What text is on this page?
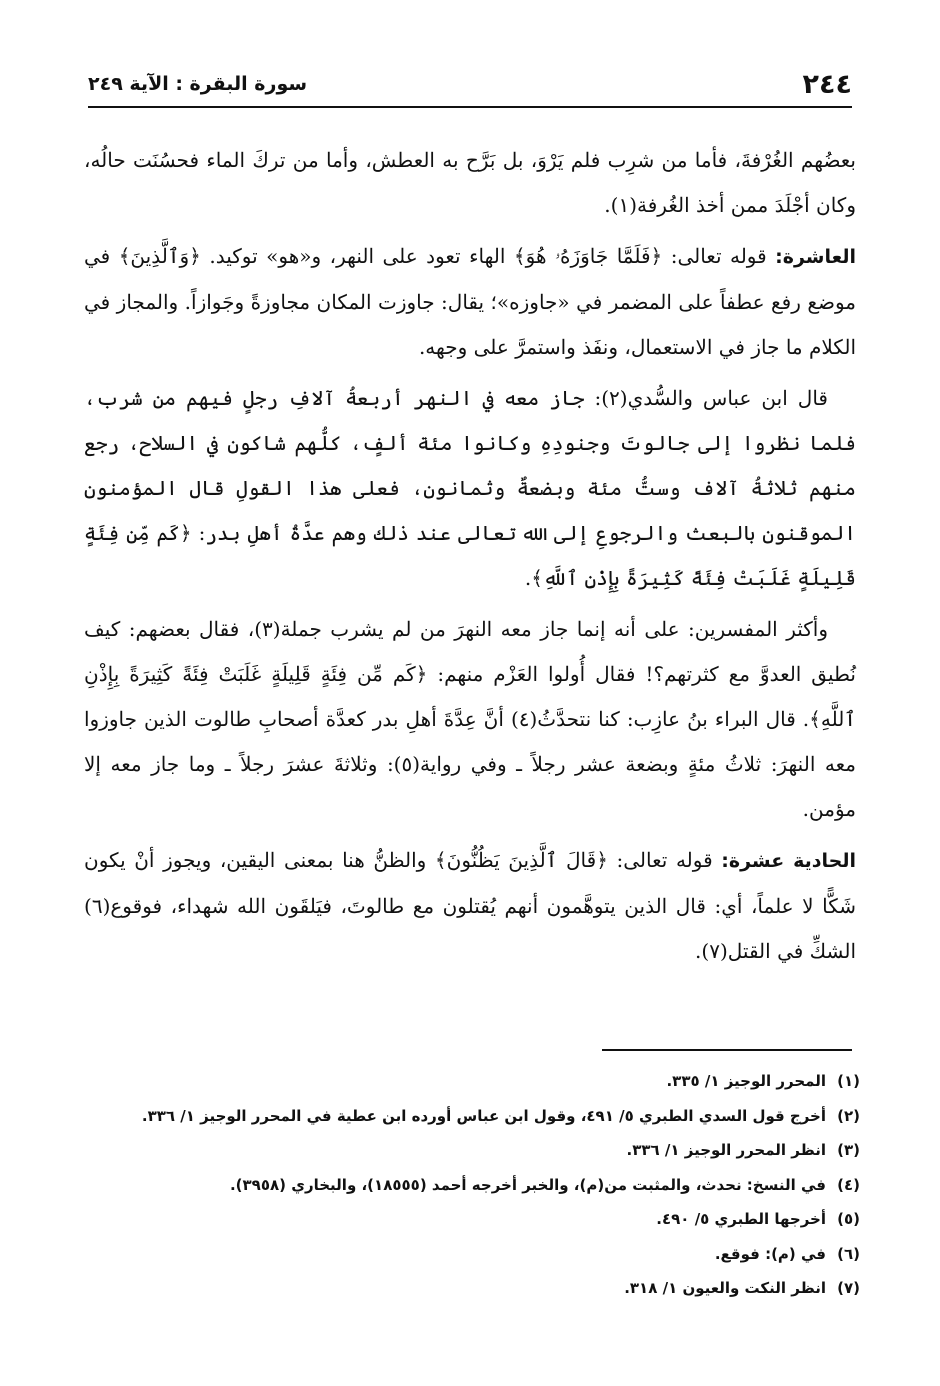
٢٤٤
سورة البقرة : الآية ٢٤٩

بعضُهم الغُرْفةَ، فأما من شرِب فلم يَرْوَ، بل بَرَّح به العطش، وأما من تركَ الماء فحسُنَت حالُه، وكان أجْلَدَ ممن أخذ الغُرفة(١).

العاشرة: قوله تعالى: ﴿فَلَمَّا جَاوَزَهُۥ هُوَ﴾ الهاء تعود على النهر، و«هو» توكيد. ﴿وَٱلَّذِينَ﴾ في موضع رفع عطفاً على المضمر في «جاوزه»؛ يقال: جاوزت المكان مجاوزةً وجَوازاً. والمجاز في الكلام ما جاز في الاستعمال، ونفَذ واستمرَّ على وجهه.

قال ابن عباس والسُّدي(٢): جاز معه في النهر أربعةُ آلافِ رجلٍ فيهم من شرب، فلما نظروا إلى جالوتَ وجنودِهِ وكانوا مئة ألفٍ، كلُّهم شاكون في السلاح، رجع منهم ثلاثةُ آلاف وستُّ مئة وبضعةٌ وثمانون، فعلى هذا القولِ قال المؤمنون الموقنون بالبعث والرجوعِ إلى الله تعالى عند ذلك وهم عدَّةُ أهلِ بدر: ﴿كَم مِّن فِئَةٍ قَلِيلَةٍ غَلَبَتْ فِئَةً كَثِيرَةً بِإِذْنِ ٱللَّهِ﴾.

وأكثر المفسرين: على أنه إنما جاز معه النهرَ من لم يشرب جملة(٣)، فقال بعضهم: كيف نُطيق العدوَّ مع كثرتهم؟! فقال أُولوا العَزْم منهم: ﴿كَم مِّن فِئَةٍ قَلِيلَةٍ غَلَبَتْ فِئَةً كَثِيرَةً بِإِذْنِ ٱللَّهِ﴾. قال البراء بنُ عازِب: كنا نتحدَّثُ(٤) أنَّ عِدَّةَ أهلِ بدر كعدَّة أصحابِ طالوت الذين جاوزوا معه النهرَ: ثلاثُ مئةٍ وبضعة عشر رجلاً ـ وفي رواية(٥): وثلاثةَ عشرَ رجلاً ـ وما جاز معه إلا مؤمن.

الحادية عشرة: قوله تعالى: ﴿قَالَ ٱلَّذِينَ يَظُنُّونَ﴾ والظنُّ هنا بمعنى اليقين، ويجوز أنْ يكون شَكًّا لا علماً، أي: قال الذين يتوهَّمون أنهم يُقتلون مع طالوتَ، فيَلقَون الله شهداء، فوقوع(٦) الشكِّ في القتل(٧).

(١)
المحرر الوجيز ١/ ٣٣٥.
(٢)
أخرج قول السدي الطبري ٥/ ٤٩١، وقول ابن عباس أورده ابن عطية في المحرر الوجيز ١/ ٣٣٦.
(٣)
انظر المحرر الوجيز ١/ ٣٣٦.
(٤)
في النسخ: نحدث، والمثبت من(م)، والخبر أخرجه أحمد (١٨٥٥٥)، والبخاري (٣٩٥٨).
(٥)
أخرجها الطبري ٥/ ٤٩٠.
(٦)
في (م): فوقع.
(٧)
انظر النكت والعيون ١/ ٣١٨.
